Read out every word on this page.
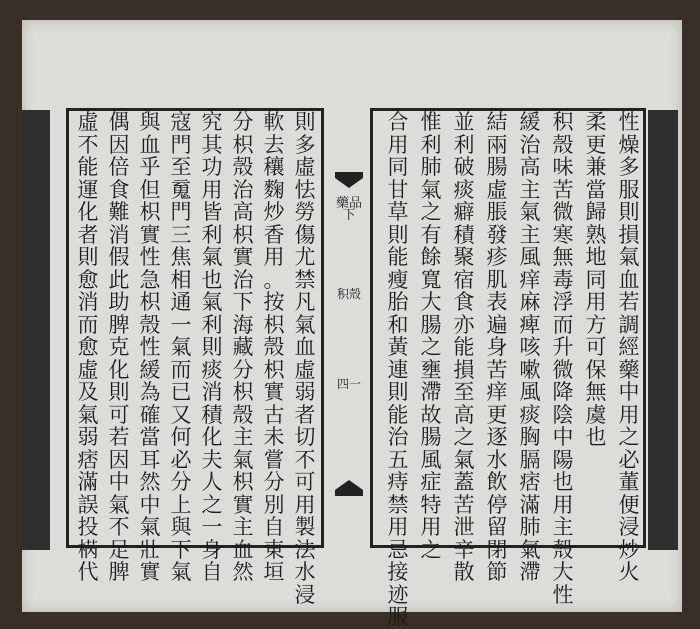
藥品下
积殼
四一
性
燥
多
服
則
損
氣
血
若
調
經
藥
中
用
之
必
董
便
浸
炒
火
柔
更
兼
當
歸
熟
地
同
用
方
可
保
無
虞
也
积
殼
味
苦
微
寒
無
毒
浮
而
升
微
降
陰
中
陽
也
用
主
殼
大
性
緩
治
高
主
氣
主
風
痒
麻
痺
咳
嗽
風
痰
胸
膈
痞
滿
肺
氣
滯
結
兩
腸
虛
脹
發
疹
肌
表
遍
身
苦
痒
更
逐
水
飲
停
留
閉
節
並
利
破
痰
癖
積
聚
宿
食
亦
能
損
至
高
之
氣
蓋
苦
泄
辛
散
惟
利
肺
氣
之
有
餘
寬
大
腸
之
壅
滯
故
腸
風
症
特
用
之
合
用
同
甘
草
則
能
瘦
胎
和
黃
連
則
能
治
五
痔
禁
用
忌
接
迹
服
則
多
虛
怯
勞
傷
尤
禁
凡
氣
血
虛
弱
者
切
不
可
用
製
法
水
浸
軟
去
穰
麴
炒
香
用
。
按
枳
殼
枳
實
古
未
嘗
分
別
自
東
垣
分
枳
殼
治
高
枳
實
治
下
海
藏
分
枳
殼
主
氣
枳
實
主
血
然
究
其
功
用
皆
利
氣
也
氣
利
則
痰
消
積
化
夫
人
之
一
身
自
寇
門
至
䰟
門
三
焦
相
通
一
氣
而
已
又
何
必
分
上
與
下
氣
與
血
乎
但
枳
實
性
急
枳
殼
性
緩
為
確
當
耳
然
中
氣
壯
實
偶
因
倍
食
難
消
假
此
助
脾
克
化
則
可
若
因
中
氣
不
足
脾
虛
不
能
運
化
者
則
愈
消
而
愈
虛
及
氣
弱
痞
滿
誤
投
𣓃
代
